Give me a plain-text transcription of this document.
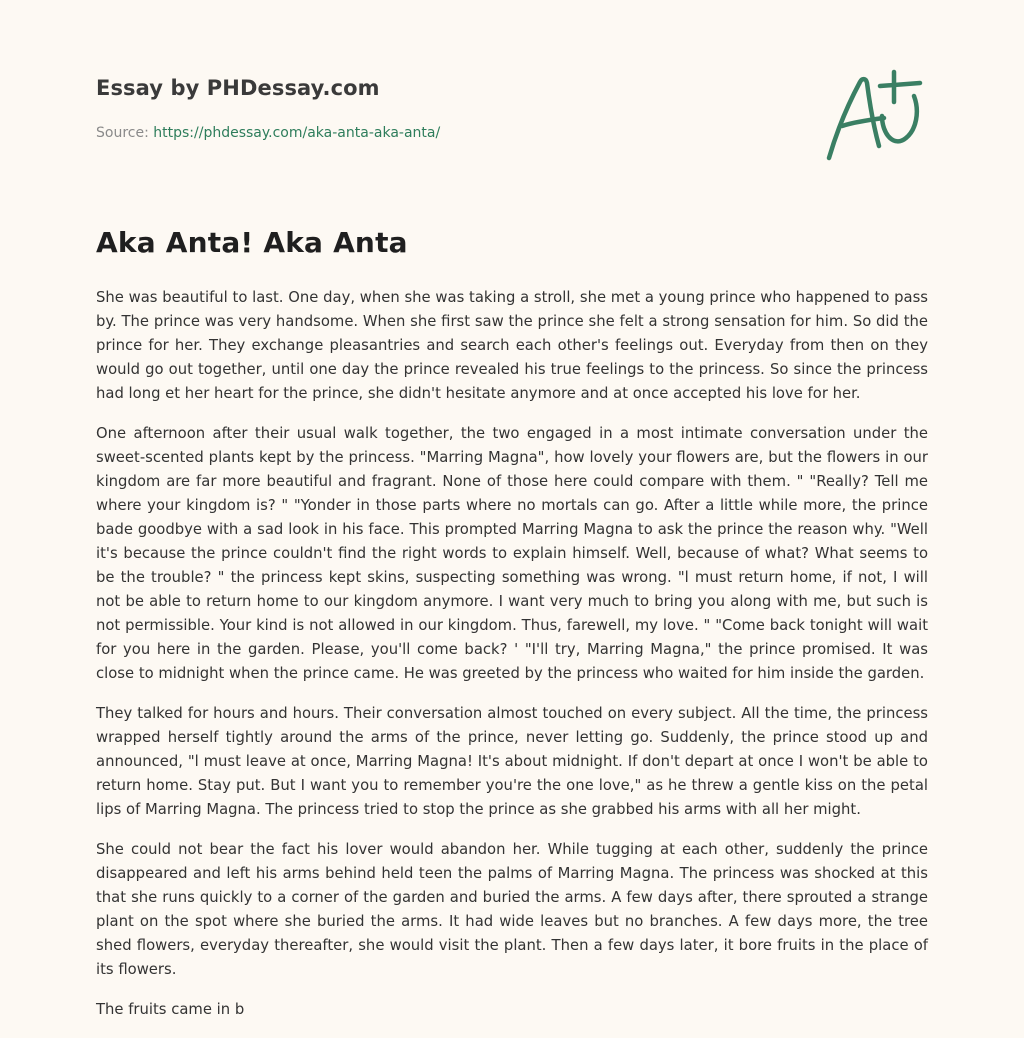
Essay by PHDessay.com
Source: https://phdessay.com/aka-anta-aka-anta/
Aka Anta! Aka Anta

She was beautiful to last. One day, when she was taking a stroll, she met a young prince who happened to pass by. The prince was very handsome. When she first saw the prince she felt a strong sensation for him. So did the prince for her. They exchange pleasantries and search each other's feelings out. Everyday from then on they would go out together, until one day the prince revealed his true feelings to the princess. So since the princess had long et her heart for the prince, she didn't hesitate anymore and at once accepted his love for her.

One afternoon after their usual walk together, the two engaged in a most intimate conversation under the sweet-scented plants kept by the princess. "Marring Magna", how lovely your flowers are, but the flowers in our kingdom are far more beautiful and fragrant. None of those here could compare with them. " "Really? Tell me where your kingdom is? " "Yonder in those parts where no mortals can go. After a little while more, the prince bade goodbye with a sad look in his face. This prompted Marring Magna to ask the prince the reason why. "Well it's because the prince couldn't find the right words to explain himself. Well, because of what? What seems to be the trouble? " the princess kept skins, suspecting something was wrong. "l must return home, if not, I will not be able to return home to our kingdom anymore. I want very much to bring you along with me, but such is not permissible. Your kind is not allowed in our kingdom. Thus, farewell, my love. " "Come back tonight will wait for you here in the garden. Please, you'll come back? ' "I'll try, Marring Magna," the prince promised. It was close to midnight when the prince came. He was greeted by the princess who waited for him inside the garden.

They talked for hours and hours. Their conversation almost touched on every subject. All the time, the princess wrapped herself tightly around the arms of the prince, never letting go. Suddenly, the prince stood up and announced, "l must leave at once, Marring Magna! It's about midnight. If don't depart at once I won't be able to return home. Stay put. But I want you to remember you're the one love," as he threw a gentle kiss on the petal lips of Marring Magna. The princess tried to stop the prince as she grabbed his arms with all her might.

She could not bear the fact his lover would abandon her. While tugging at each other, suddenly the prince disappeared and left his arms behind held teen the palms of Marring Magna. The princess was shocked at this that she runs quickly to a corner of the garden and buried the arms. A few days after, there sprouted a strange plant on the spot where she buried the arms. It had wide leaves but no branches. A few days more, the tree shed flowers, everyday thereafter, she would visit the plant. Then a few days later, it bore fruits in the place of its flowers.

The fruits came in b
